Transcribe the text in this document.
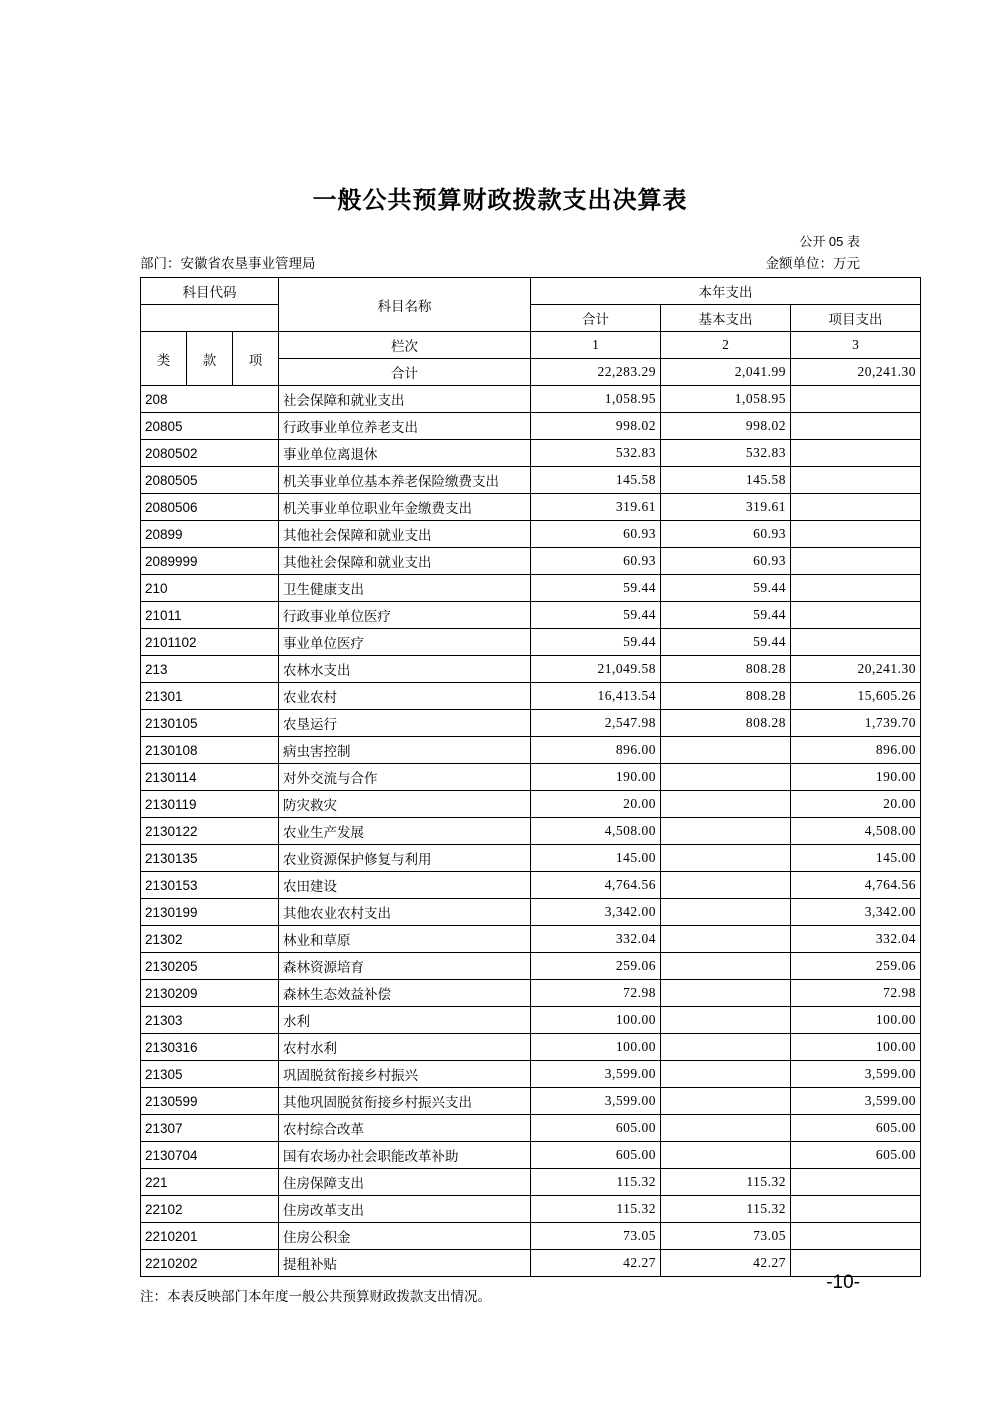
一般公共预算财政拨款支出决算表
公开 05 表
部门：安徽省农垦事业管理局	金额单位：万元
科目代码			科目名称	本年支出		
				合计	基本支出	项目支出
类	款	项	栏次	1	2	3
			合计	22,283.29	2,041.99	20,241.30
208			社会保障和就业支出	1,058.95	1,058.95	
20805			行政事业单位养老支出	998.02	998.02	
2080502			事业单位离退休	532.83	532.83	
2080505			机关事业单位基本养老保险缴费支出	145.58	145.58	
2080506			机关事业单位职业年金缴费支出	319.61	319.61	
20899			其他社会保障和就业支出	60.93	60.93	
2089999			其他社会保障和就业支出	60.93	60.93	
210			卫生健康支出	59.44	59.44	
21011			行政事业单位医疗	59.44	59.44	
2101102			事业单位医疗	59.44	59.44	
213			农林水支出	21,049.58	808.28	20,241.30
21301			农业农村	16,413.54	808.28	15,605.26
2130105			农垦运行	2,547.98	808.28	1,739.70
2130108			病虫害控制	896.00		896.00
2130114			对外交流与合作	190.00		190.00
2130119			防灾救灾	20.00		20.00
2130122			农业生产发展	4,508.00		4,508.00
2130135			农业资源保护修复与利用	145.00		145.00
2130153			农田建设	4,764.56		4,764.56
2130199			其他农业农村支出	3,342.00		3,342.00
21302			林业和草原	332.04		332.04
2130205			森林资源培育	259.06		259.06
2130209			森林生态效益补偿	72.98		72.98
21303			水利	100.00		100.00
2130316			农村水利	100.00		100.00
21305			巩固脱贫衔接乡村振兴	3,599.00		3,599.00
2130599			其他巩固脱贫衔接乡村振兴支出	3,599.00		3,599.00
21307			农村综合改革	605.00		605.00
2130704			国有农场办社会职能改革补助	605.00		605.00
221			住房保障支出	115.32	115.32	
22102			住房改革支出	115.32	115.32	
2210201			住房公积金	73.05	73.05	
2210202			提租补贴	42.27	42.27	
注：本表反映部门本年度一般公共预算财政拨款支出情况。
-10-
